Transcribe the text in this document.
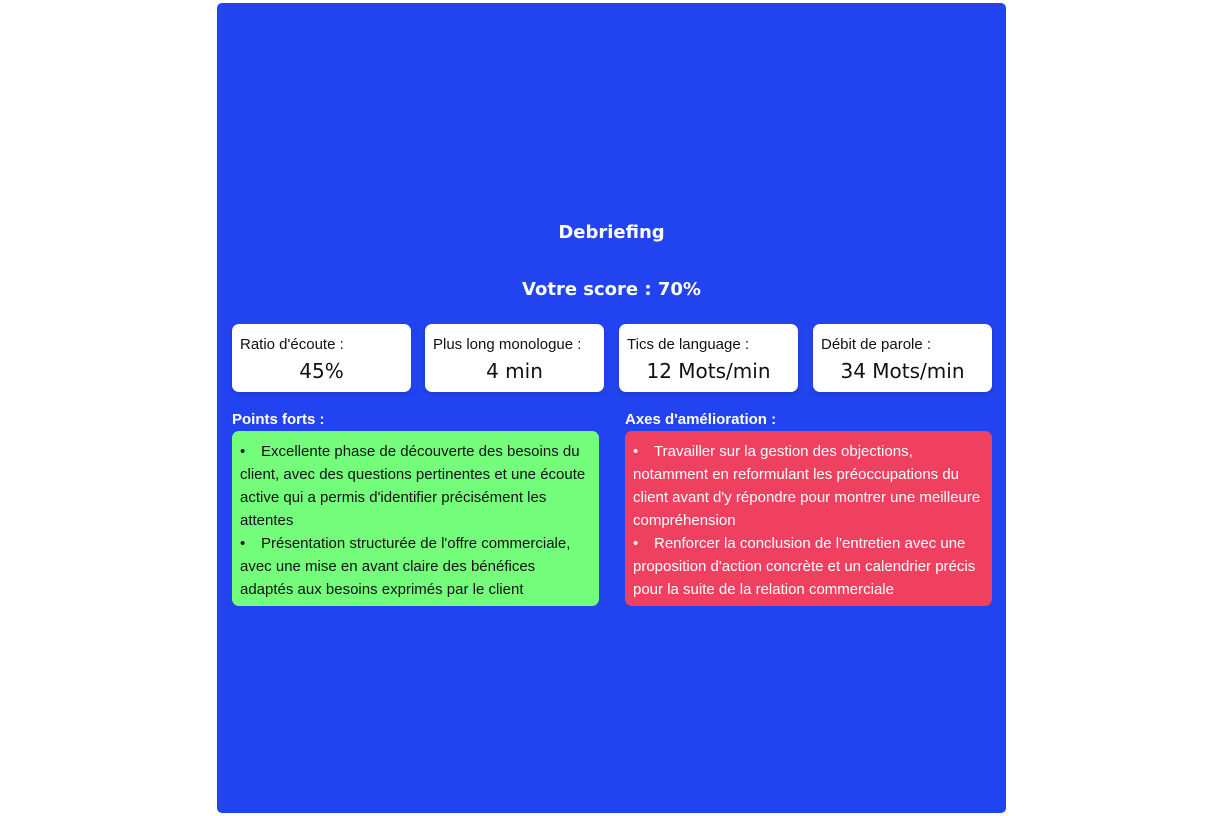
Debriefing
Votre score : 70%
Ratio d'écoute :
45%
Plus long monologue :
4 min
Tics de language :
12 Mots/min
Débit de parole :
34 Mots/min
Points forts :
• Excellente phase de découverte des besoins du client, avec des questions pertinentes et une écoute active qui a permis d'identifier précisément les attentes
• Présentation structurée de l'offre commerciale, avec une mise en avant claire des bénéfices adaptés aux besoins exprimés par le client
Axes d'amélioration :
• Travailler sur la gestion des objections, notamment en reformulant les préoccupations du client avant d'y répondre pour montrer une meilleure compréhension
• Renforcer la conclusion de l'entretien avec une proposition d'action concrète et un calendrier précis pour la suite de la relation commerciale
